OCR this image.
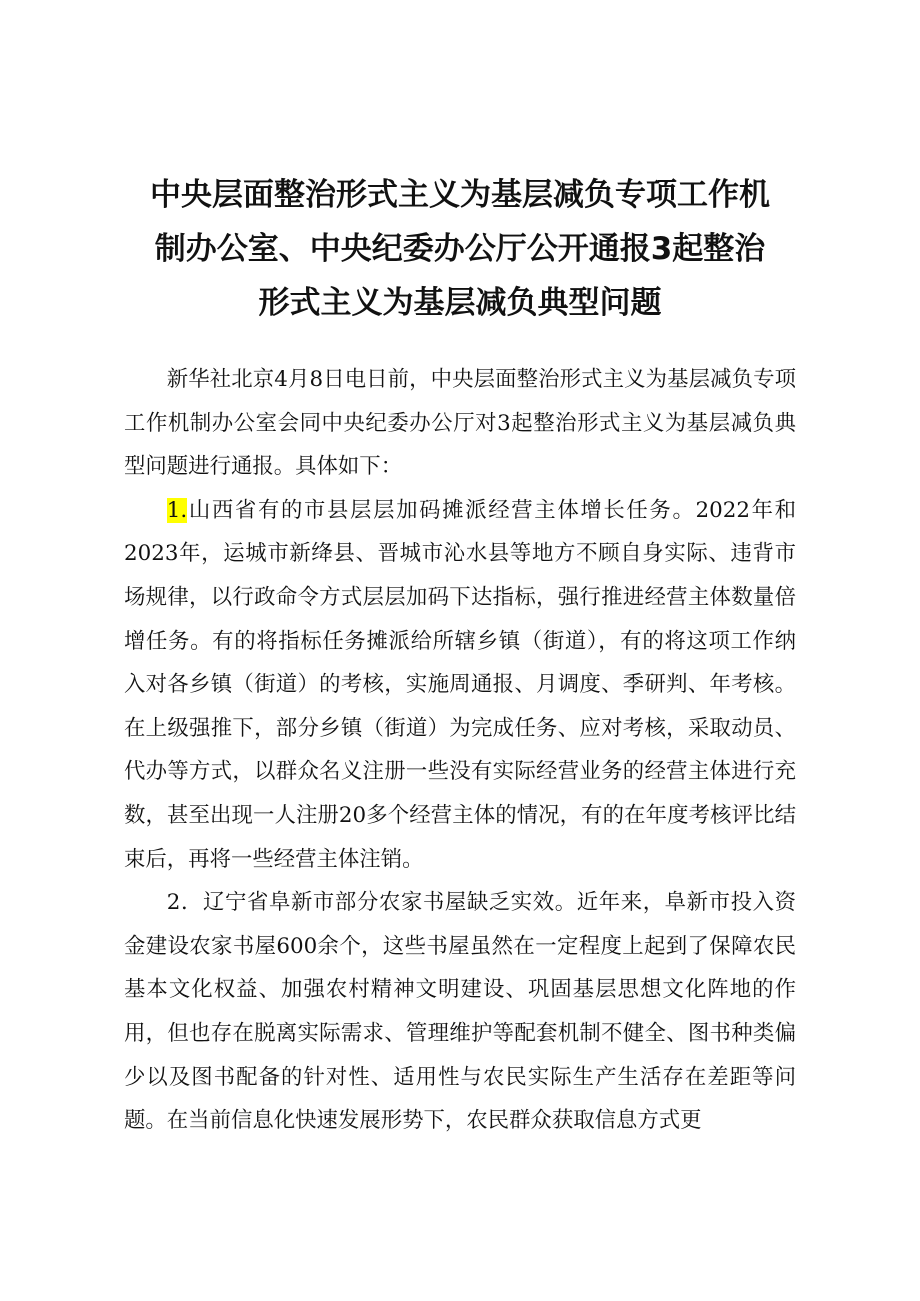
中央层面整治形式主义为基层减负专项工作机
制办公室、中央纪委办公厅公开通报3起整治
形式主义为基层减负典型问题

新华社北京4月8日电日前，中央层面整治形式主义为基层减负专项工作机制办公室会同中央纪委办公厅对3起整治形式主义为基层减负典型问题进行通报。具体如下：

1.山西省有的市县层层加码摊派经营主体增长任务。2022年和2023年，运城市新绛县、晋城市沁水县等地方不顾自身实际、违背市场规律，以行政命令方式层层加码下达指标，强行推进经营主体数量倍增任务。有的将指标任务摊派给所辖乡镇（街道），有的将这项工作纳入对各乡镇（街道）的考核，实施周通报、月调度、季研判、年考核。在上级强推下，部分乡镇（街道）为完成任务、应对考核，采取动员、代办等方式，以群众名义注册一些没有实际经营业务的经营主体进行充数，甚至出现一人注册20多个经营主体的情况，有的在年度考核评比结束后，再将一些经营主体注销。

2．辽宁省阜新市部分农家书屋缺乏实效。近年来，阜新市投入资金建设农家书屋600余个，这些书屋虽然在一定程度上起到了保障农民基本文化权益、加强农村精神文明建设、巩固基层思想文化阵地的作用，但也存在脱离实际需求、管理维护等配套机制不健全、图书种类偏少以及图书配备的针对性、适用性与农民实际生产生活存在差距等问题。在当前信息化快速发展形势下，农民群众获取信息方式更
